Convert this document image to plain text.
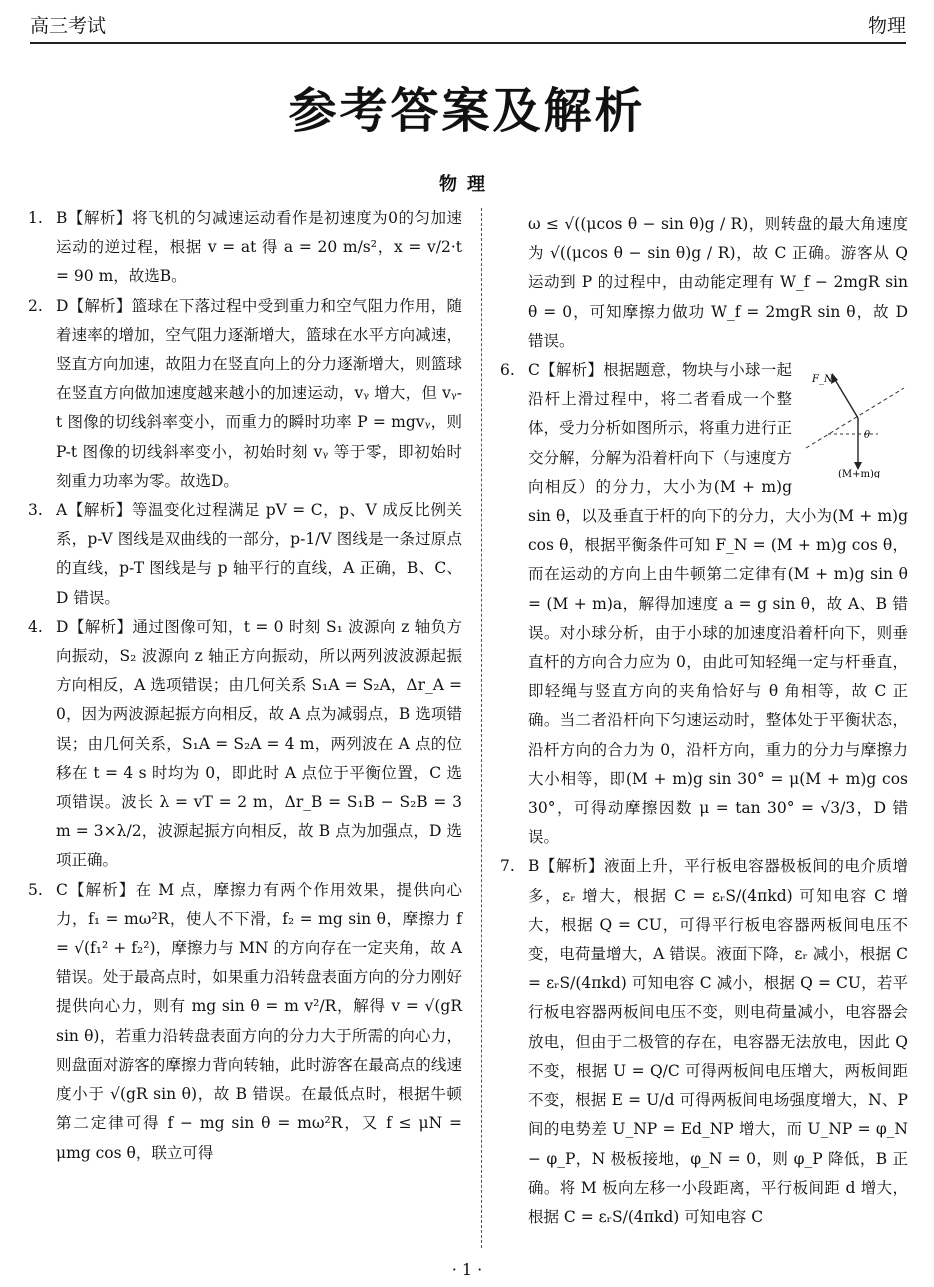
高三考试	物理
参考答案及解析
物理
1. B【解析】将飞机的匀减速运动看作是初速度为0的匀加速运动的逆过程，根据 v = at 得 a = 20 m/s²，x = v/2·t = 90 m，故选B。
2. D【解析】篮球在下落过程中受到重力和空气阻力作用，随着速率的增加，空气阻力逐渐增大，篮球在水平方向减速，竖直方向加速，故阻力在竖直向上的分力逐渐增大，则篮球在竖直方向做加速度越来越小的加速运动，vᵧ 增大，但 vᵧ-t 图像的切线斜率变小，而重力的瞬时功率 P = mgvᵧ，则 P-t 图像的切线斜率变小，初始时刻 vᵧ 等于零，即初始时刻重力功率为零。故选D。
3. A【解析】等温变化过程满足 pV = C，p、V 成反比例关系，p-V 图线是双曲线的一部分，p-1/V 图线是一条过原点的直线，p-T 图线是与 p 轴平行的直线，A 正确，B、C、D 错误。
4. D【解析】通过图像可知，t = 0 时刻 S₁ 波源向 z 轴负方向振动，S₂ 波源向 z 轴正方向振动，所以两列波波源起振方向相反，A 选项错误；由几何关系 S₁A = S₂A，Δr_A = 0，因为两波源起振方向相反，故 A 点为减弱点，B 选项错误；由几何关系，S₁A = S₂A = 4 m，两列波在 A 点的位移在 t = 4 s 时均为 0，即此时 A 点位于平衡位置，C 选项错误。波长 λ = vT = 2 m，Δr_B = S₁B − S₂B = 3 m = 3×λ/2，波源起振方向相反，故 B 点为加强点，D 选项正确。
5. C【解析】在 M 点，摩擦力有两个作用效果，提供向心力，f₁ = mω²R，使人不下滑，f₂ = mg sin θ，摩擦力 f = √(f₁² + f₂²)，摩擦力与 MN 的方向存在一定夹角，故 A 错误。处于最高点时，如果重力沿转盘表面方向的分力刚好提供向心力，则有 mg sin θ = m v²/R，解得 v = √(gR sin θ)，若重力沿转盘表面方向的分力大于所需的向心力，则盘面对游客的摩擦力背向转轴，此时游客在最高点的线速度小于 √(gR sin θ)，故 B 错误。在最低点时，根据牛顿第二定律可得 f − mg sin θ = mω²R，又 f ≤ μN = μmg cos θ，联立可得
ω ≤ √((μcos θ − sin θ)g / R)，则转盘的最大角速度为 √((μcos θ − sin θ)g / R)，故 C 正确。游客从 Q 运动到 P 的过程中，由动能定理有 W_f − 2mgR sin θ = 0，可知摩擦力做功 W_f = 2mgR sin θ，故 D 错误。
6.
F_N
θ
(M+m)g
C【解析】根据题意，物块与小球一起沿杆上滑过程中，将二者看成一个整体，受力分析如图所示，将重力进行正交分解，分解为沿着杆向下（与速度方向相反）的分力，大小为(M + m)g sin θ，以及垂直于杆的向下的分力，大小为(M + m)g cos θ，根据平衡条件可知 F_N = (M + m)g cos θ，而在运动的方向上由牛顿第二定律有(M + m)g sin θ = (M + m)a，解得加速度 a = g sin θ，故 A、B 错误。对小球分析，由于小球的加速度沿着杆向下，则垂直杆的方向合力应为 0，由此可知轻绳一定与杆垂直，即轻绳与竖直方向的夹角恰好与 θ 角相等，故 C 正确。当二者沿杆向下匀速运动时，整体处于平衡状态，沿杆方向的合力为 0，沿杆方向，重力的分力与摩擦力大小相等，即(M + m)g sin 30° = μ(M + m)g cos 30°，可得动摩擦因数 μ = tan 30° = √3/3，D 错误。
7. B【解析】液面上升，平行板电容器极板间的电介质增多，εᵣ 增大，根据 C = εᵣS/(4πkd) 可知电容 C 增大，根据 Q = CU，可得平行板电容器两板间电压不变，电荷量增大，A 错误。液面下降，εᵣ 减小，根据 C = εᵣS/(4πkd) 可知电容 C 减小，根据 Q = CU，若平行板电容器两板间电压不变，则电荷量减小，电容器会放电，但由于二极管的存在，电容器无法放电，因此 Q 不变，根据 U = Q/C 可得两板间电压增大，两板间距不变，根据 E = U/d 可得两板间电场强度增大，N、P 间的电势差 U_NP = Ed_NP 增大，而 U_NP = φ_N − φ_P，N 极板接地，φ_N = 0，则 φ_P 降低，B 正确。将 M 板向左移一小段距离，平行板间距 d 增大，根据 C = εᵣS/(4πkd) 可知电容 C
· 1 ·
